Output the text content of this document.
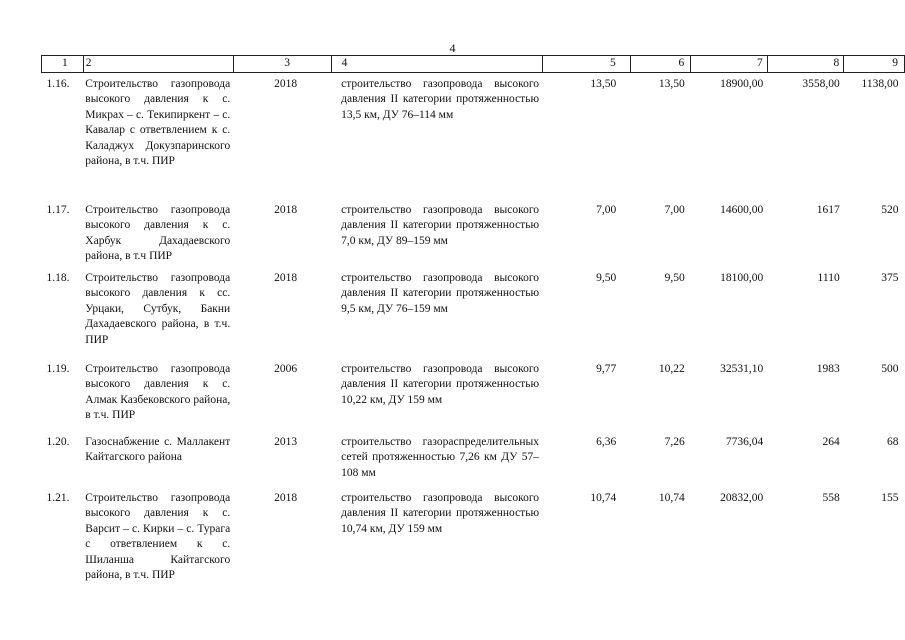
4
1	2	3	4	5	6	7	8	9
1.16.	Строительство газопровода высокого давления к с. Микрах – с. Текипиркент – с. Кавалар с ответвлением к с. Каладжух Докузпаринского района, в т.ч. ПИР	2018	строительство газопровода высокого давления II категории протяженностью 13,5 км, ДУ 76–114 мм	13,50	13,50	18900,00	3558,00	1138,00
1.17.	Строительство газопровода высокого давления к с. Харбук Дахадаевского района, в т.ч ПИР	2018	строительство газопровода высокого давления II категории протяженностью 7,0 км, ДУ 89–159 мм	7,00	7,00	14600,00	1617	520
1.18.	Строительство газопровода высокого давления к сс. Урцаки, Сутбук, Бакни Дахадаевского района, в т.ч. ПИР	2018	строительство газопровода высокого давления II категории протяженностью 9,5 км, ДУ 76–159 мм	9,50	9,50	18100,00	1110	375
1.19.	Строительство газопровода высокого давления к с. Алмак Казбековского района, в т.ч. ПИР	2006	строительство газопровода высокого давления II категории протяженностью 10,22 км, ДУ 159 мм	9,77	10,22	32531,10	1983	500
1.20.	Газоснабжение с. Маллакент Кайтагского района	2013	строительство газораспределительных сетей протяженностью 7,26 км ДУ 57–108 мм	6,36	7,26	7736,04	264	68
1.21.	Строительство газопровода высокого давления к с. Варсит – с. Кирки – с. Турага с ответвлением к с. Шиланша Кайтагского района, в т.ч. ПИР	2018	строительство газопровода высокого давления II категории протяженностью 10,74 км, ДУ 159 мм	10,74	10,74	20832,00	558	155
